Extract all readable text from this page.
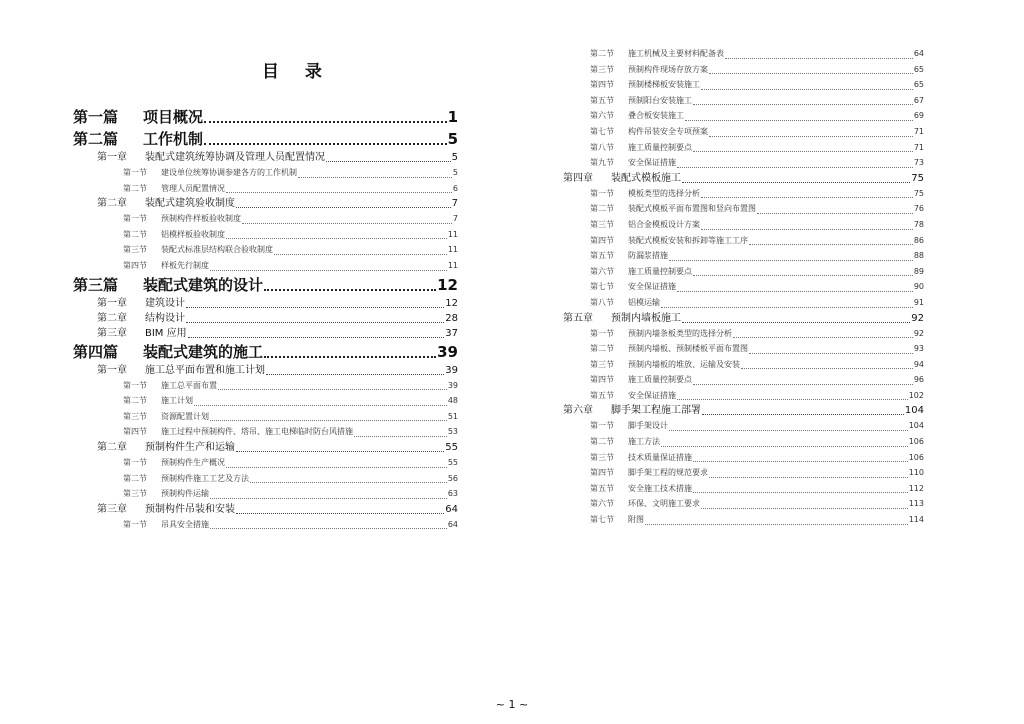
目 录
第一篇 项目概况	1
第二篇 工作机制	5
第一章 装配式建筑统筹协调及管理人员配置情况	5
第一节 建设单位统筹协调参建各方的工作机制	5
第二节 管理人员配置情况	6
第二章 装配式建筑验收制度	7
第一节 预制构件样板验收制度	7
第二节 铝模样板验收制度	11
第三节 装配式标准层结构联合验收制度	11
第四节 样板先行制度	11
第三篇 装配式建筑的设计	12
第一章 建筑设计	12
第二章 结构设计	28
第三章 BIM 应用	37
第四篇 装配式建筑的施工	39
第一章 施工总平面布置和施工计划	39
第一节 施工总平面布置	39
第二节 施工计划	48
第三节 资源配置计划	51
第四节 施工过程中预制构件、塔吊、施工电梯临时防台风措施	53
第二章 预制构件生产和运输	55
第一节 预制构件生产概况	55
第二节 预制构件施工工艺及方法	56
第三节 预制构件运输	63
第三章 预制构件吊装和安装	64
第一节 吊具安全措施	64
第二节 施工机械及主要材料配备表	64
第三节 预制构件现场存放方案	65
第四节 预制楼梯板安装施工	65
第五节 预制阳台安装施工	67
第六节 叠合板安装施工	69
第七节 构件吊装安全专项预案	71
第八节 施工质量控制要点	71
第九节 安全保证措施	73
第四章 装配式模板施工	75
第一节 模板类型的选择分析	75
第二节 装配式模板平面布置图和竖向布置图	76
第三节 铝合金模板设计方案	78
第四节 装配式模板安装和拆卸等施工工序	86
第五节 防漏浆措施	88
第六节 施工质量控制要点	89
第七节 安全保证措施	90
第八节 铝模运输	91
第五章 预制内墙板施工	92
第一节 预制内墙条板类型的选择分析	92
第二节 预制内墙板、预制楼板平面布置图	93
第三节 预制内墙板的堆放、运输及安装	94
第四节 施工质量控制要点	96
第五节 安全保证措施	102
第六章 脚手架工程施工部署	104
第一节 脚手架设计	104
第二节 施工方法	106
第三节 技术质量保证措施	106
第四节 脚手架工程的规范要求	110
第五节 安全施工技术措施	112
第六节 环保、文明施工要求	113
第七节 附图	114
~ 1 ~
